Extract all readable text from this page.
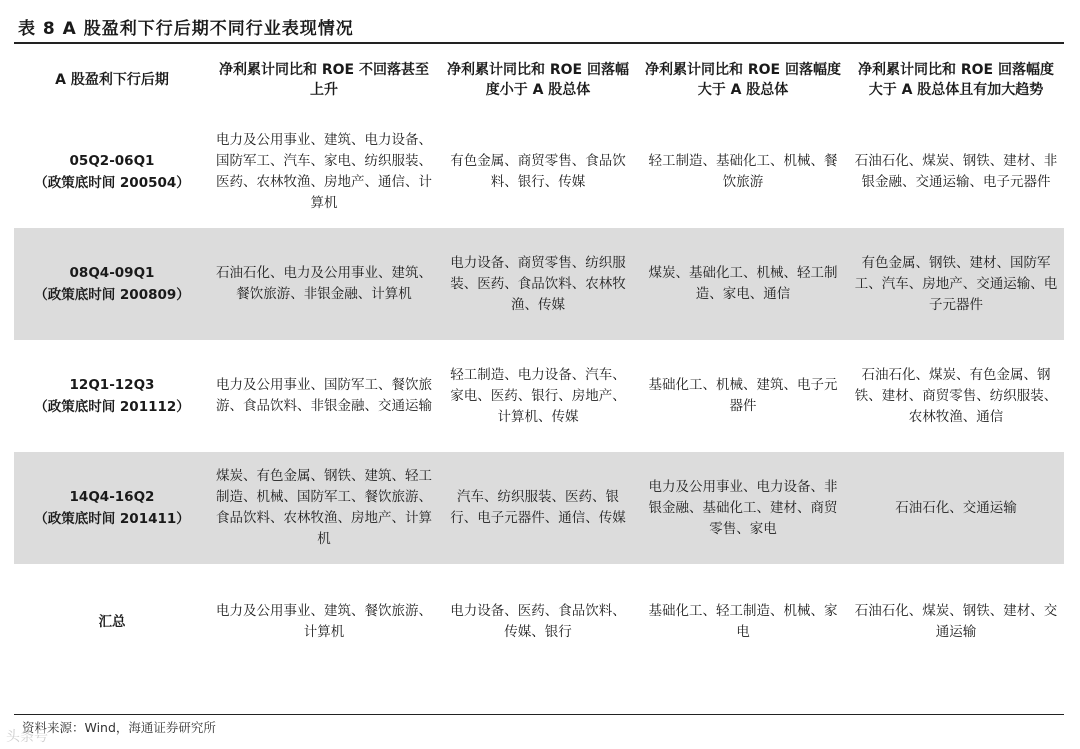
表 8 A 股盈利下行后期不同行业表现情况
A 股盈利下行后期	净利累计同比和 ROE 不回落甚至上升	净利累计同比和 ROE 回落幅度小于 A 股总体	净利累计同比和 ROE 回落幅度大于 A 股总体	净利累计同比和 ROE 回落幅度大于 A 股总体且有加大趋势

05Q2-06Q1
（政策底时间 200504）	电力及公用事业、建筑、电力设备、国防军工、汽车、家电、纺织服装、医药、农林牧渔、房地产、通信、计算机	有色金属、商贸零售、食品饮料、银行、传媒	轻工制造、基础化工、机械、餐饮旅游	石油石化、煤炭、钢铁、建材、非银金融、交通运输、电子元器件

08Q4-09Q1
（政策底时间 200809）	石油石化、电力及公用事业、建筑、餐饮旅游、非银金融、计算机	电力设备、商贸零售、纺织服装、医药、食品饮料、农林牧渔、传媒	煤炭、基础化工、机械、轻工制造、家电、通信	有色金属、钢铁、建材、国防军工、汽车、房地产、交通运输、电子元器件

12Q1-12Q3
（政策底时间 201112）	电力及公用事业、国防军工、餐饮旅游、食品饮料、非银金融、交通运输	轻工制造、电力设备、汽车、家电、医药、银行、房地产、计算机、传媒	基础化工、机械、建筑、电子元器件	石油石化、煤炭、有色金属、钢铁、建材、商贸零售、纺织服装、农林牧渔、通信

14Q4-16Q2
（政策底时间 201411）	煤炭、有色金属、钢铁、建筑、轻工制造、机械、国防军工、餐饮旅游、食品饮料、农林牧渔、房地产、计算机	汽车、纺织服装、医药、银行、电子元器件、通信、传媒	电力及公用事业、电力设备、非银金融、基础化工、建材、商贸零售、家电	石油石化、交通运输

汇总	电力及公用事业、建筑、餐饮旅游、计算机	电力设备、医药、食品饮料、传媒、银行	基础化工、轻工制造、机械、家电	石油石化、煤炭、钢铁、建材、交通运输
资料来源：Wind，海通证券研究所
头条号
